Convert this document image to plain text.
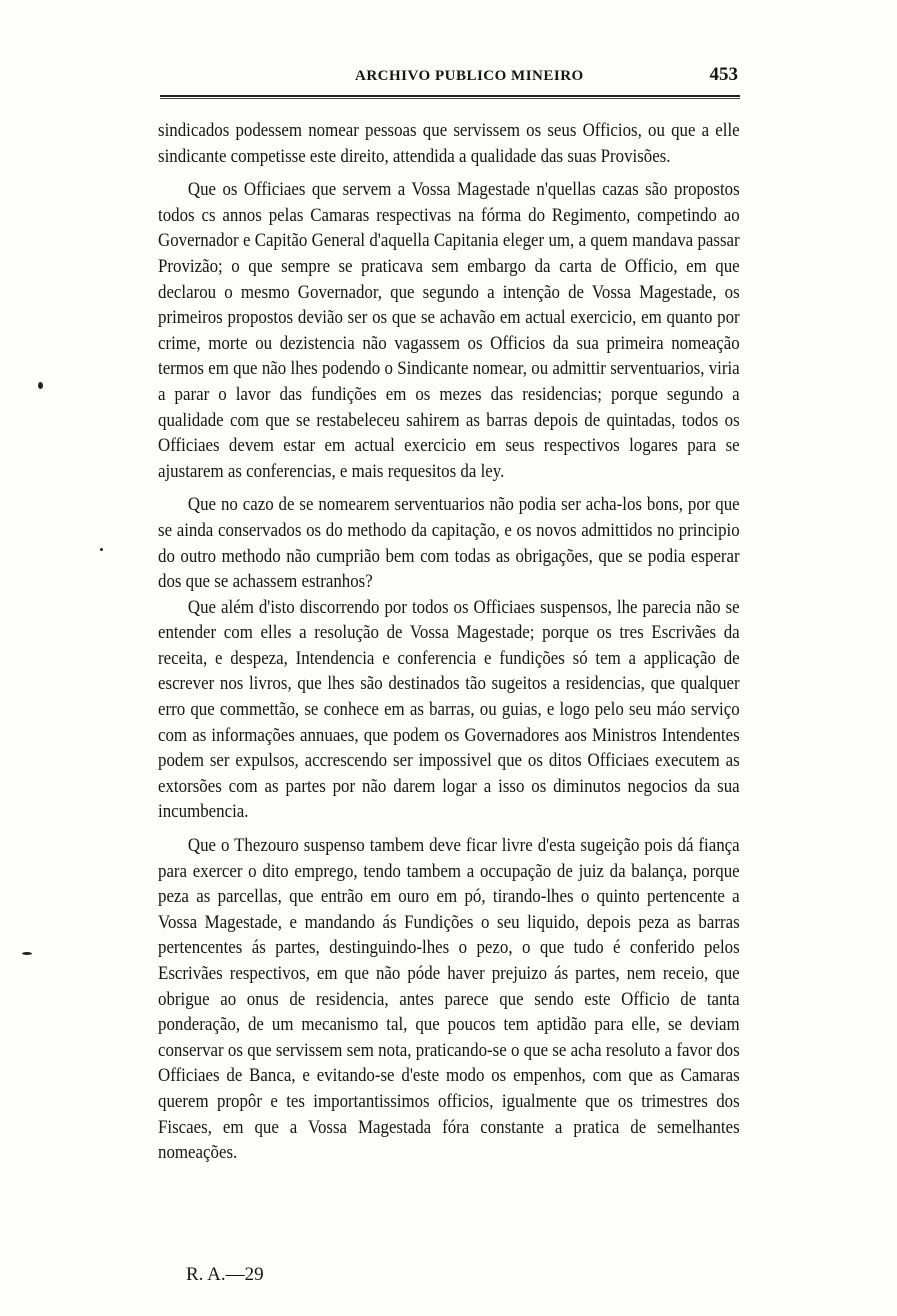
ARCHIVO PUBLICO MINEIRO	453

sindicados podessem nomear pessoas que servissem os seus Officios, ou que a elle sindicante competisse este direito, attendida a qualidade das suas Provisões.

Que os Officiaes que servem a Vossa Magestade n'quellas cazas são propostos todos cs annos pelas Camaras respectivas na fórma do Regimento, competindo ao Governador e Capitão General d'aquella Capitania eleger um, a quem mandava passar Provizão; o que sempre se praticava sem embargo da carta de Officio, em que declarou o mesmo Governador, que segundo a intenção de Vossa Magestade, os primeiros propostos devião ser os que se achavão em actual exercicio, em quanto por crime, morte ou dezistencia não vagassem os Officios da sua primeira nomeação termos em que não lhes podendo o Sindicante nomear, ou admittir serventuarios, viria a parar o lavor das fundições em os mezes das residencias; porque segundo a qualidade com que se restabeleceu sahirem as barras depois de quintadas, todos os Officiaes devem estar em actual exercicio em seus respectivos logares para se ajustarem as conferencias, e mais requesitos da ley.

Que no cazo de se nomearem serventuarios não podia ser acha-los bons, por que se ainda conservados os do methodo da capitação, e os novos admittidos no principio do outro methodo não cumprião bem com todas as obrigações, que se podia esperar dos que se achassem estranhos?

Que além d'isto discorrendo por todos os Officiaes suspensos, lhe parecia não se entender com elles a resolução de Vossa Magestade; porque os tres Escrivães da receita, e despeza, Intendencia e conferencia e fundições só tem a applicação de escrever nos livros, que lhes são destinados tão sugeitos a residencias, que qualquer erro que commettão, se conhece em as barras, ou guias, e logo pelo seu máo serviço com as informações annuaes, que podem os Governadores aos Ministros Intendentes podem ser expulsos, accrescendo ser impossivel que os ditos Officiaes executem as extorsões com as partes por não darem logar a isso os diminutos negocios da sua incumbencia.

Que o Thezouro suspenso tambem deve ficar livre d'esta sugeição pois dá fiança para exercer o dito emprego, tendo tambem a occupação de juiz da balança, porque peza as parcellas, que entrão em ouro em pó, tirando-lhes o quinto pertencente a Vossa Magestade, e mandando ás Fundições o seu liquido, depois peza as barras pertencentes ás partes, destinguindo-lhes o pezo, o que tudo é conferido pelos Escrivães respectivos, em que não póde haver prejuizo ás partes, nem receio, que obrigue ao onus de residencia, antes parece que sendo este Officio de tanta ponderação, de um mecanismo tal, que poucos tem aptidão para elle, se deviam conservar os que servissem sem nota, praticando-se o que se acha resoluto a favor dos Officiaes de Banca, e evitando-se d'este modo os empenhos, com que as Camaras querem propôr e tes importantissimos officios, igualmente que os trimestres dos Fiscaes, em que a Vossa Magestada fóra constante a pratica de semelhantes nomeações.

R. A.—29
